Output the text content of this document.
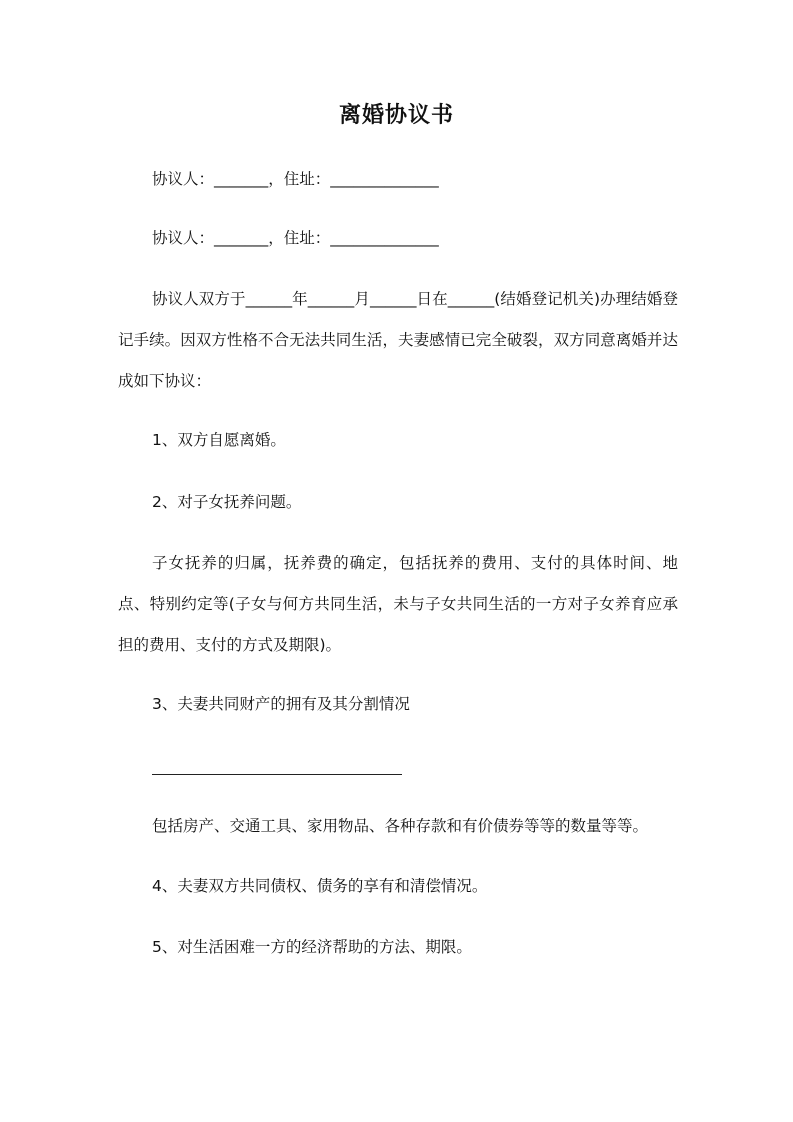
离婚协议书
协议人：_______，住址：______________
协议人：_______，住址：______________
协议人双方于______年______月______日在______(结婚登记机关)办理结婚登记手续。因双方性格不合无法共同生活，夫妻感情已完全破裂，双方同意离婚并达成如下协议：
1、双方自愿离婚。
2、对子女抚养问题。
子女抚养的归属，抚养费的确定，包括抚养的费用、支付的具体时间、地点、特别约定等(子女与何方共同生活，未与子女共同生活的一方对子女养育应承担的费用、支付的方式及期限)。
3、夫妻共同财产的拥有及其分割情况
包括房产、交通工具、家用物品、各种存款和有价债券等等的数量等等。
4、夫妻双方共同债权、债务的享有和清偿情况。
5、对生活困难一方的经济帮助的方法、期限。
